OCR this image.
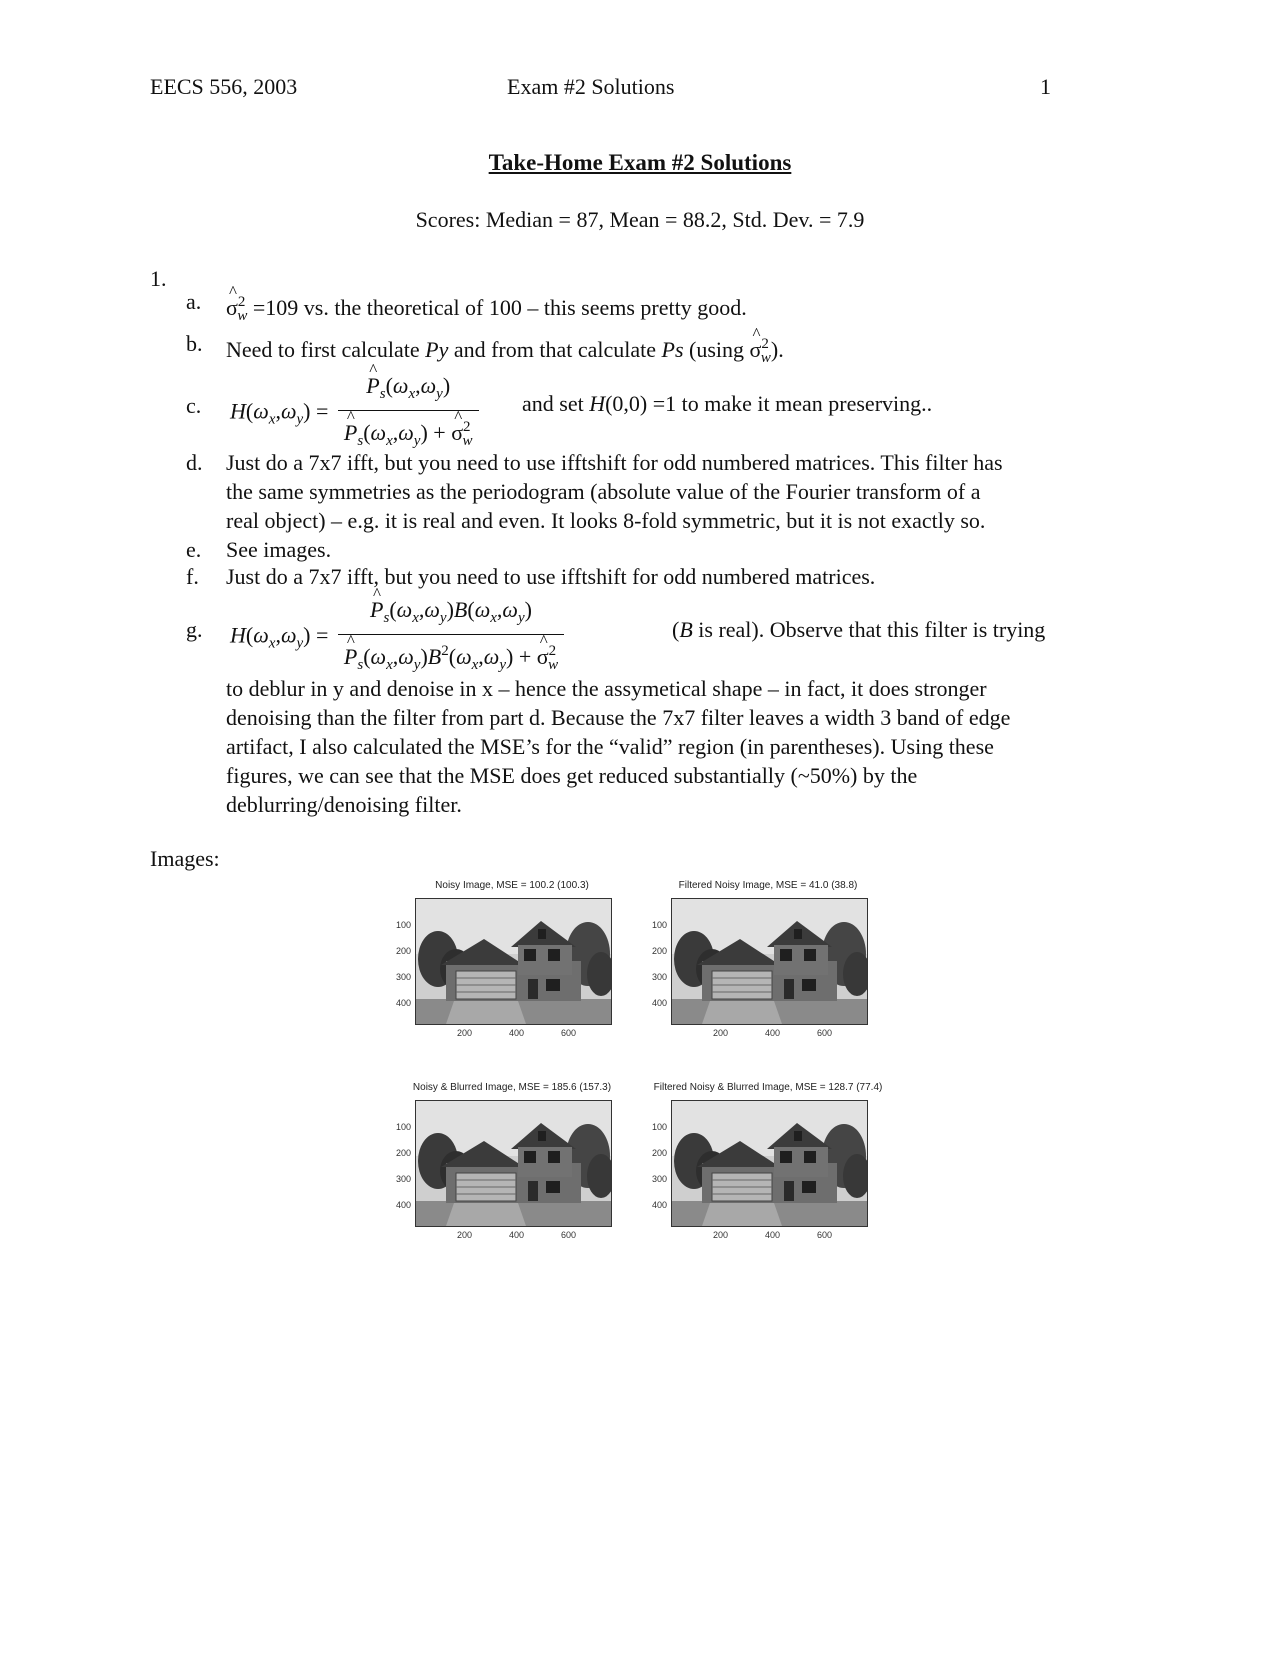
EECS 556, 2003	Exam #2 Solutions	1
Take-Home Exam #2 Solutions
Scores: Median = 87, Mean = 88.2, Std. Dev. = 7.9
1.
a.	^ $\sigma^2_w =109$ vs. the theoretical of 100 – this seems pretty good.
b.	Need to first calculate Py and from that calculate Ps (using ^ $\sigma^2_w$).
c.	$H(\omega_x,\omega_y)$ = ^ $P_s(\omega_x,\omega_y)$
^ $P_s(\omega_x,\omega_y)$ + ^ $\sigma^2_w$ and set H(0,0) =1 to make it mean preserving..
d.	Just do a 7x7 ifft, but you need to use ifftshift for odd numbered matrices. This filter has
the same symmetries as the periodogram (absolute value of the Fourier transform of a
real object) – e.g. it is real and even. It looks 8-fold symmetric, but it is not exactly so.
e.	See images.
f.	Just do a 7x7 ifft, but you need to use ifftshift for odd numbered matrices.
g.	$H(\omega_x,\omega_y)$ = ^ $P_s(\omega_x,\omega_y)B(\omega_x,\omega_y)$
^ $P_s(\omega_x,\omega_y)B^2(\omega_x,\omega_y)$ + ^ $\sigma^2_w$	(B is real). Observe that this filter is trying
to deblur in y and denoise in x – hence the assymetical shape – in fact, it does stronger
denoising than the filter from part d. Because the 7x7 filter leaves a width 3 band of edge
artifact, I also calculated the MSE’s for the “valid” region (in parentheses). Using these
figures, we can see that the MSE does get reduced substantially (~50%) by the
deblurring/denoising filter.
Images:
Noisy Image, MSE = 100.2 (100.3)
100
200
300
400
200	400	600
Filtered Noisy Image, MSE = 41.0 (38.8)
100
200
300
400
200	400	600
Noisy & Blurred Image, MSE = 185.6 (157.3)
100
200
300
400
200	400	600
Filtered Noisy & Blurred Image, MSE = 128.7 (77.4)
100
200
300
400
200	400	600
